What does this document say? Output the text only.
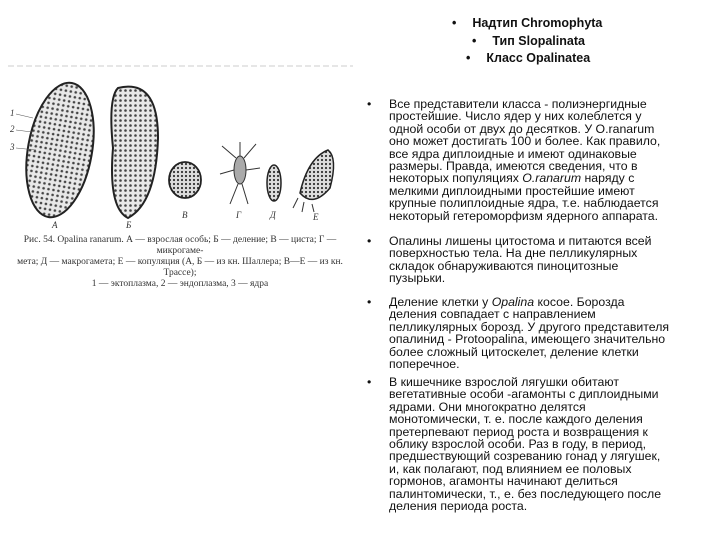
• Надтип Chromophyta
• Тип Slopalinata
• Класс Opalinatea
• Все представители класса - полиэнергидные
простейшие. Число ядер у них колеблется у
одной особи от двух до десятков. У O.ranarum
оно может достигать 100 и более. Как правило,
все ядра диплоидные и имеют одинаковые
размеры. Правда, имеются сведения, что в
некоторых популяциях O.ranarum наряду с
мелкими диплоидными простейшие имеют
крупные полиплоидные ядра, т.е. наблюдается
некоторый гетероморфизм ядерного аппарата.
• Опалины лишены цитостома и питаются всей
поверхностью тела. На дне пелликулярных
складок обнаруживаются пиноцитозные
пузырьки.
• Деление клетки у Opalina косое. Борозда
деления совпадает с направлением
пелликулярных борозд. У другого представителя
опалинид - Protoopalina, имеющего значительно
более сложный цитоскелет, деление клетки
поперечное.
• В кишечнике взрослой лягушки обитают
вегетативные особи -агамонты с диплоидными
ядрами. Они многократно делятся
монотомически, т. е. после каждого деления
претерпевают период роста и возвращения к
облику взрослой особи. Раз в году, в период,
предшествующий созреванию гонад у лягушек,
и, как полагают, под влиянием ее половых
гормонов, агамонты начинают делиться
палинтомически, т., е. без последующего после
деления периода роста.
1
2
3
А	Б
В	Г	Д	Е
Рис. 54. Opalina ranarum. А — взрослая особь; Б — деление; В — циста; Г — микрогаме-
мета; Д — макрогамета; Е — копуляция (А, Б — из кн. Шаллера; В—Е — из кн. Трассе);
1 — эктоплазма, 2 — эндоплазма, 3 — ядра
